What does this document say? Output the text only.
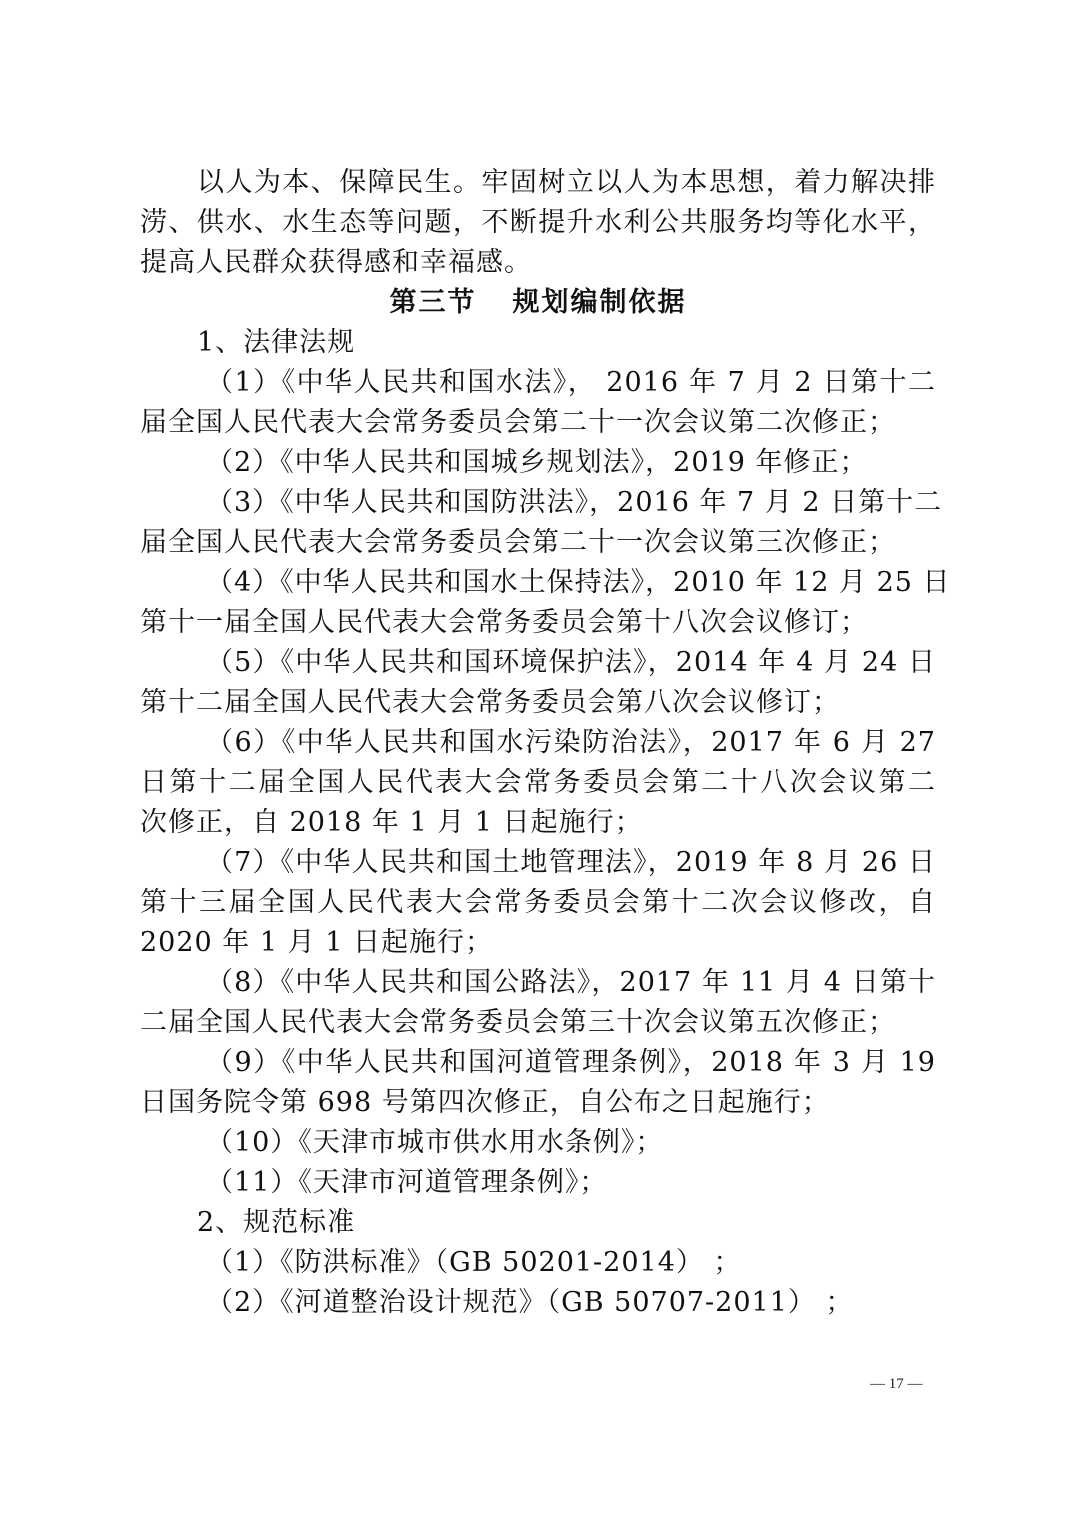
以人为本、保障民生。牢固树立以人为本思想，着力解决排
涝、供水、水生态等问题，不断提升水利公共服务均等化水平，
提高人民群众获得感和幸福感。
第三节 规划编制依据
1、法律法规
（1）《中华人民共和国水法》， 2016 年 7 月 2 日第十二
届全国人民代表大会常务委员会第二十一次会议第二次修正；
（2）《中华人民共和国城乡规划法》，2019 年修正；
（3）《中华人民共和国防洪法》，2016 年 7 月 2 日第十二
届全国人民代表大会常务委员会第二十一次会议第三次修正；
（4）《中华人民共和国水土保持法》，2010 年 12 月 25 日
第十一届全国人民代表大会常务委员会第十八次会议修订；
（5）《中华人民共和国环境保护法》，2014 年 4 月 24 日
第十二届全国人民代表大会常务委员会第八次会议修订；
（6）《中华人民共和国水污染防治法》，2017 年 6 月 27
日第十二届全国人民代表大会常务委员会第二十八次会议第二
次修正，自 2018 年 1 月 1 日起施行；
（7）《中华人民共和国土地管理法》，2019 年 8 月 26 日
第十三届全国人民代表大会常务委员会第十二次会议修改，自
2020 年 1 月 1 日起施行；
（8）《中华人民共和国公路法》，2017 年 11 月 4 日第十
二届全国人民代表大会常务委员会第三十次会议第五次修正；
（9）《中华人民共和国河道管理条例》，2018 年 3 月 19
日国务院令第 698 号第四次修正，自公布之日起施行；
（10）《天津市城市供水用水条例》；
（11）《天津市河道管理条例》；
2、规范标准
（1）《防洪标准》（GB 50201-2014） ；
（2）《河道整治设计规范》（GB 50707-2011） ；
— 17 —
